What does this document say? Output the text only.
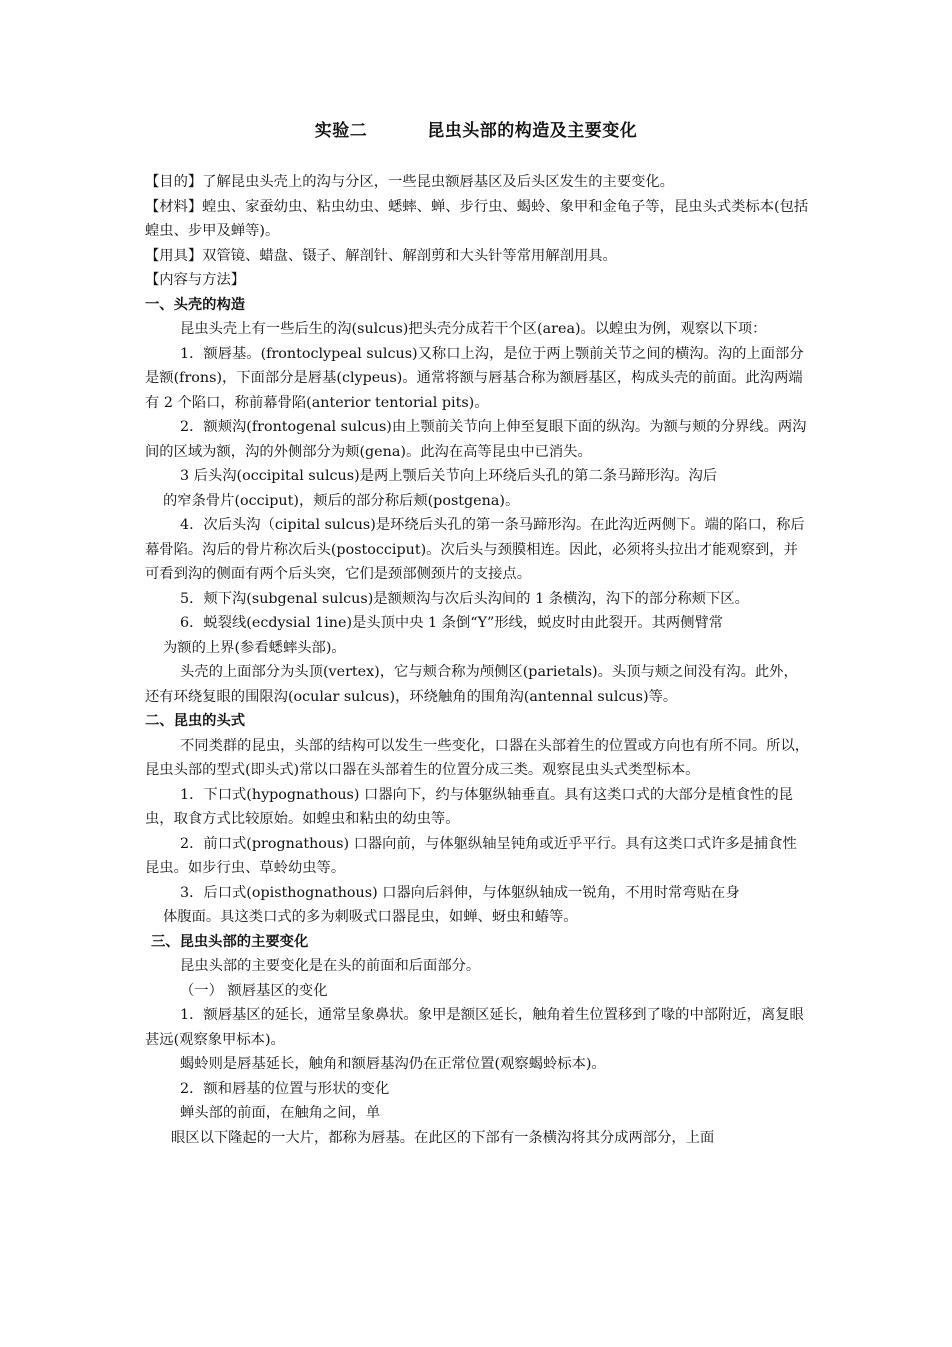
实验二	昆虫头部的构造及主要变化

【目的】了解昆虫头壳上的沟与分区，一些昆虫额唇基区及后头区发生的主要变化。

【材料】蝗虫、家蚕幼虫、粘虫幼虫、蟋蟀、蝉、步行虫、蝎蛉、象甲和金龟子等，昆虫头式类标本(包括蝗虫、步甲及蝉等)。

【用具】双管镜、蜡盘、镊子、解剖针、解剖剪和大头针等常用解剖用具。

【内容与方法】

一、头壳的构造

昆虫头壳上有一些后生的沟(sulcus)把头壳分成若干个区(area)。以蝗虫为例，观察以下项：

1．额唇基。(frontoclypeal sulcus)又称口上沟，是位于两上颚前关节之间的横沟。沟的上面部分是额(frons)，下面部分是唇基(clypeus)。通常将额与唇基合称为额唇基区，构成头壳的前面。此沟两端有 2 个陷口，称前幕骨陷(anterior tentorial pits)。

2．额颊沟(frontogenal sulcus)由上颚前关节向上伸至复眼下面的纵沟。为额与颊的分界线。两沟间的区域为额，沟的外侧部分为颊(gena)。此沟在高等昆虫中已消失。

3 后头沟(occipital sulcus)是两上颚后关节向上环绕后头孔的第二条马蹄形沟。沟后

的窄条骨片(occiput)，颊后的部分称后颊(postgena)。

4．次后头沟（cipital sulcus)是环绕后头孔的第一条马蹄形沟。在此沟近两侧下。端的陷口，称后幕骨陷。沟后的骨片称次后头(postocciput)。次后头与颈膜相连。因此，必须将头拉出才能观察到，并可看到沟的侧面有两个后头突，它们是颈部侧颈片的支接点。

5．颊下沟(subgenal sulcus)是额颊沟与次后头沟间的 1 条横沟，沟下的部分称颊下区。

6．蜕裂线(ecdysial 1ine)是头顶中央 1 条倒“Y”形线，蜕皮时由此裂开。其两侧臂常

为额的上界(参看蟋蟀头部)。

头壳的上面部分为头顶(vertex)，它与颊合称为颅侧区(parietals)。头顶与颊之间没有沟。此外，还有环绕复眼的围限沟(ocular sulcus)，环绕触角的围角沟(antennal sulcus)等。

二、昆虫的头式

不同类群的昆虫，头部的结构可以发生一些变化，口器在头部着生的位置或方向也有所不同。所以，昆虫头部的型式(即头式)常以口器在头部着生的位置分成三类。观察昆虫头式类型标本。

1．下口式(hypognathous) 口器向下，约与体躯纵轴垂直。具有这类口式的大部分是植食性的昆虫，取食方式比较原始。如蝗虫和粘虫的幼虫等。

2．前口式(prognathous) 口器向前，与体躯纵轴呈钝角或近乎平行。具有这类口式许多是捕食性昆虫。如步行虫、草蛉幼虫等。

3．后口式(opisthognathous) 口器向后斜伸，与体躯纵轴成一锐角，不用时常弯贴在身

体腹面。具这类口式的多为刺吸式口器昆虫，如蝉、蚜虫和蝽等。

三、昆虫头部的主要变化

昆虫头部的主要变化是在头的前面和后面部分。

（一） 额唇基区的变化

1．额唇基区的延长，通常呈象鼻状。象甲是额区延长，触角着生位置移到了喙的中部附近，离复眼甚远(观察象甲标本)。

蝎蛉则是唇基延长，触角和额唇基沟仍在正常位置(观察蝎蛉标本)。

2．额和唇基的位置与形状的变化

蝉头部的前面，在触角之间，单

眼区以下隆起的一大片，都称为唇基。在此区的下部有一条横沟将其分成两部分，上面
